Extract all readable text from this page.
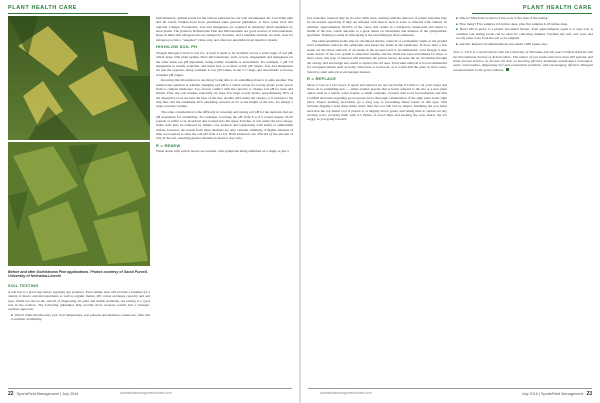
PLANT HEALTH CARE
Before and after Dothistroma Pine applications. Photos courtesy of Sarah Purcell, University of Nebraska-Lincoln
SOIL TESTING

A soil test is a great step before applying any products. Even simple tests will provide a baseline for a variety of macro and micronutrients as well as organic matter, pH, cation exchange capacity and soil type. While not the be-all, end-all of diagnosing all plant and health problems, not testing is a good tool in the toolbox. The following guidelines help provide more accurate results and a strategic, cautious approach.

■ When? Same month every year. Soil temperature, soil patterns and moisture content are often tied to nutrient availability.

Unfortunately, optimal levels for the various nutrients are not well documented. Dr. Carl Whitcomb and Dr. Linda Chalker-Scott have published some general guidelines, as have some local and regional colleges. Fortunately, iron and manganese are required in relatively small quantities by most plants. The products Dothistroma Pine and Micronutrient are good sources of micronutrients. Keep in mind that nitrogen tests are temporary in nature, and a unstable nutrient. As such, tests for nitrogen provide a “snapshot” value only, and often are unreliable from month to month.

HIGH/LOW SOIL PH

Though nitrogen is hard to test for, at least it tends to be available across a wide range of soil pH, which helps with plant uptake. Most micronutrients, such as iron, magnesium and manganese on the other hand, are pH dependent, being readily available or unavailable. For example, a pH 7-8 manganese is readily available, and much less so as more acidic pH ranges. Iron and manganese are just the opposite, being available at low pH values, in the 5-7 range, and unavailable to tied up at higher pH ranges.

Knowing this information is one thing; being able to do something about it is quite another. The homeowner question is whether changing soil pH is a viable option for woody plants in the sports field or campus landscape. Two factors conflict with the capacity to change soil pH for trees and shrubs. First, the soil volume, especially for trees. For large woody plants, approximately 40% of the absorptive roots are near the base of the tree; another 40% under the canopy, or 6 extends to the drip line; and the remaining 20% extending outward as far as the height of the tree. It's simply a large rootzone volume.

The other consideration is the difficulty in lowering and raising soil pH for the nutrients that are pH dependent for availability. For example, lowering the pH from 8 to 6.5 would require 35-50 pounds of sulfur to be broadcast and worked into the upper 6 inches of soil under the tree canopy. Some soils may be achieved by simple core aeration and topdressing with sulfur or ammonium sulfate; however, the results from these methods are only variable. Similarly, if higher amounts of lime are required to raise the soil pH from 4 to 6.5. Both endeavors are affected by the amount of clay in the soil, requiring greater amounts in heavier clay soils.

R = RENEW

When stems with yellow leaves are isolated, with symptoms being exhibited on a single or just a

22 SportsField Management | July 2016	sportsfieldmanagementonline.com
PLANT HEALTH CARE
July 2016 | SportsField Management 23
sportsfieldmanagementonline.com

few branches, renewal may be in order. With trees, starting with the removal of certain branches may be successful, especially if they are infested with insects such as scale or infected with cankers. In addition, approximately 50-60% of the canes, this results in a temporary turnaround and return to health of the tree, which amounts to a great return on investment and deletion of the symptomatic specimen. Pruning is easily in mid-spring is the best timing in most situations.

The same guideline holds true for deciduous shrubs; removal of problematic stems at the ground level sometimes removes the symptoms and keeps the shrub in the landscape. If more than a few stems are involved, removal of all stems at the ground level is recommended, even though it may seem drastic. If the root system is otherwise healthy and the shrub has been established for three or more years, this type of renewal will stimulate the yellow leaves, increase the air circulation through the canopy and encourage new stems to replace the old ones. Total stem removal is not recommended for evergreen shrubs such as holly, arborvitae or boxwood, as it would kill the plant in most cases. Selective stem removal is encouraged instead.

R = REPLACE

More or less as a last resort, if repair and renewal are not successful, it's time to cut your losses and move on to something new — either another species that is better adapted to the site or a new plant option such as a bench, water feature or small sculpture. Consult with local horticulturists and ISA Certified Arborists regarding good options and a thorough consideration of the right plant in the right place. Proper planting procedures go a long way to preventing future issues of this type. This includes digging a hole three times wider than the root ball but no deeper. Installing the root mass such that the top lateral root is placed at or slightly above grade, and taking time to spread out any circling roots, covering them with 2-3 inches of wood chips and keeping the roots moist, but not soggy, as you going forward.

■ Where? Match the location of the roots to the sites of the testing.

■ How many? Five samples 2-6 inches deep, plus five samples 6-18 inches deep.

■ How? Micro-probe to a plastic non-metal bucket. Total approximately equal to 2 cups soil. A common soil testing probe can be used for collecting samples. Exclude any turf, turf roots and woody plant roots from the soil to be sampled.

■ Ask lab. Request recommendations in pounds/1,000 square feet.

John C. Fech is a horticulturist with the University of Nebraska-Lincoln and Certified Arborist with the International Society of Arboriculture. The author of two books and more than 400 popular and trade journal articles, he focuses his time on teaching effective landscape maintenance techniques, water conservation, diagnosing turf and ornamental problems, and encouraging effective bilingual communication in the green industry.
